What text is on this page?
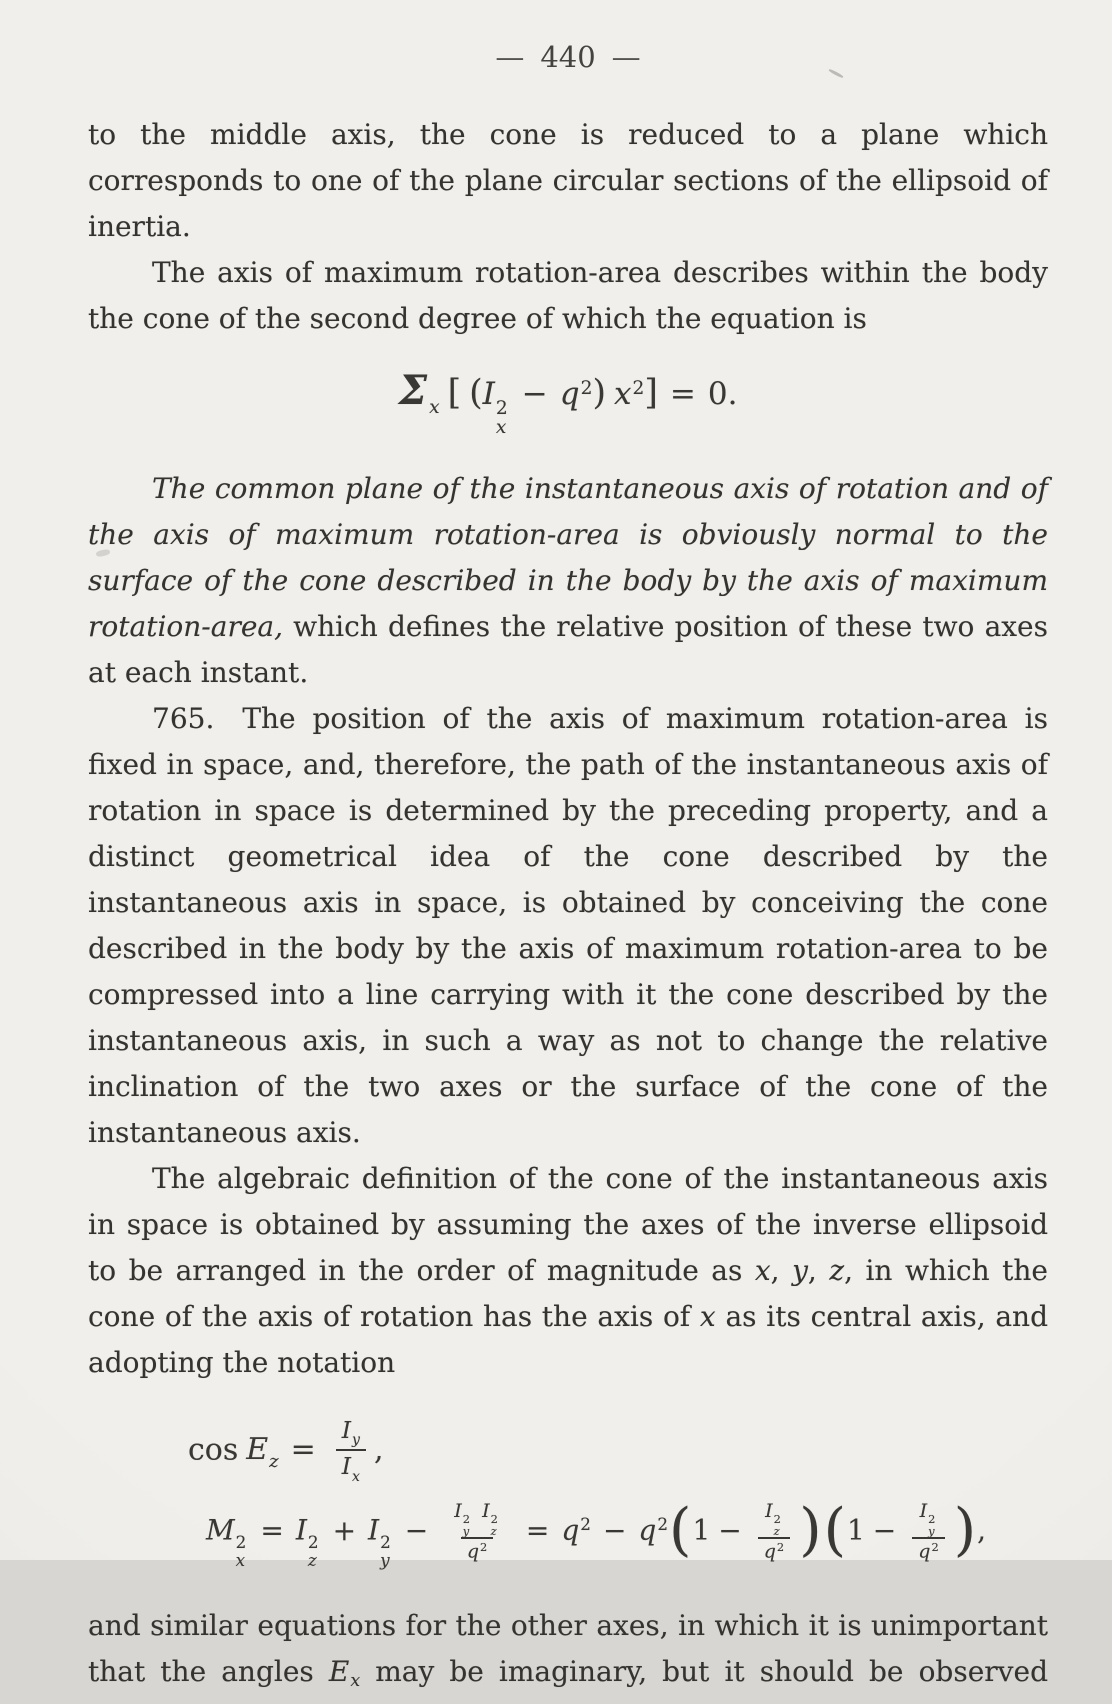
— 440 —

to the middle axis, the cone is reduced to a plane which corresponds to one of the plane circular sections of the ellipsoid of inertia.

The axis of maximum rotation-area describes within the body the cone of the second degree of which the equation is

$\Sigma_x$ [ (I 2
x
− $q^2$) $x^2] = 0$.

The common plane of the instantaneous axis of rotation and of the axis of maximum rotation-area is obviously normal to the surface of the cone described in the body by the axis of maximum rotation-area, which defines the relative position of these two axes at each instant.

765.  The position of the axis of maximum rotation-area is fixed in space, and, therefore, the path of the instantaneous axis of rotation in space is determined by the preceding property, and a distinct geometrical idea of the cone described by the instantaneous axis in space, is obtained by conceiving the cone described in the body by the axis of maximum rotation-area to be compressed into a line carrying with it the cone described by the instantaneous axis, in such a way as not to change the relative inclination of the two axes or the surface of the cone of the instantaneous axis.

The algebraic definition of the cone of the instantaneous axis in space is obtained by assuming the axes of the inverse ellipsoid to be arranged in the order of magnitude as x, y, z, in which the cone of the axis of rotation has the axis of x as its central axis, and adopting the notation

$\cos E_z = \frac{I_y}{I_x}$ ,
M 2
x
= I 2
z
+ I 2
y
− I 2
y
I 2
z
$q^2 = q^2 - q^2(1 - I$ 2
z
$q^2$ )(1 − I 2
y
$q^2$ ),

and similar equations for the other axes, in which it is unimportant that the angles Ex may be imaginary, but it should be observed
